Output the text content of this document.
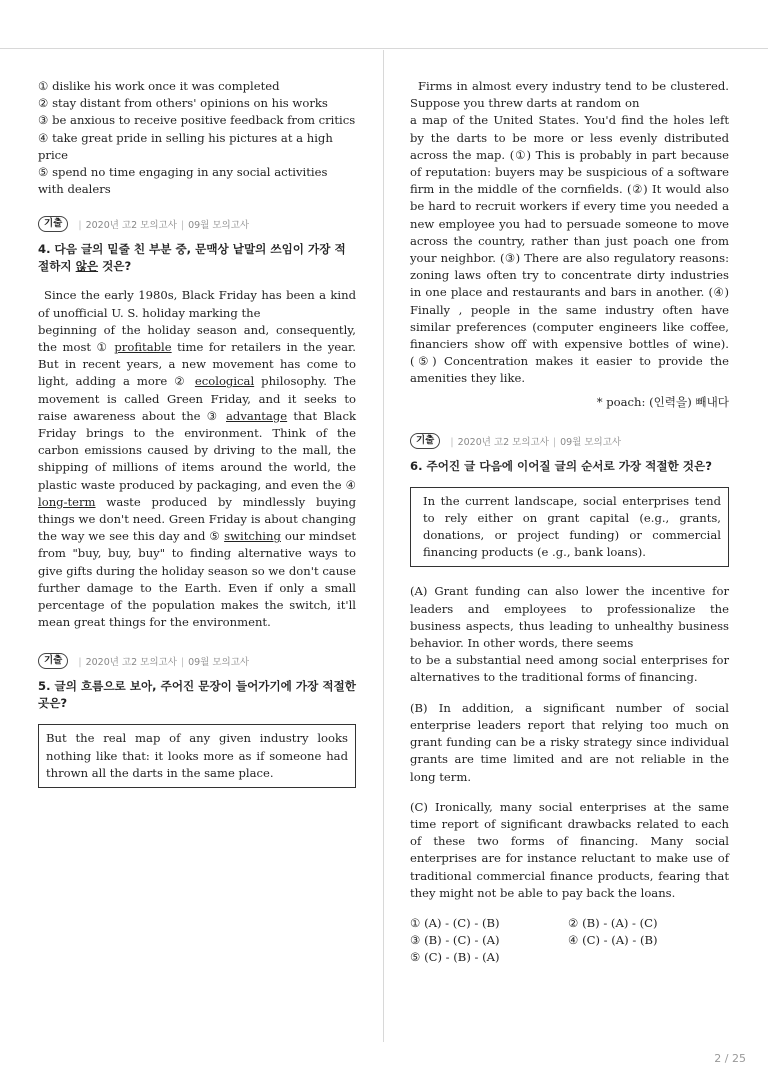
① dislike his work once it was completed
② stay distant from others' opinions on his works
③ be anxious to receive positive feedback from critics
④ take great pride in selling his pictures at a high price
⑤ spend no time engaging in any social activities with dealers
기출	| 2020년 고2 모의고사 | 09월 모의고사
4. 다음 글의 밑줄 친 부분 중, 문맥상 낱말의 쓰임이 가장 적절하지 않은 것은?
Since the early 1980s, Black Friday has been a kind of unofficial U. S. holiday marking the
beginning of the holiday season and, consequently, the most ① profitable time for retailers in the year. But in recent years, a new movement has come to light, adding a more ② ecological philosophy. The movement is called Green Friday, and it seeks to raise awareness about the ③ advantage that Black Friday brings to the environment. Think of the carbon emissions caused by driving to the mall, the shipping of millions of items around the world, the plastic waste produced by packaging, and even the ④ long-term waste produced by mindlessly buying things we don't need. Green Friday is about changing the way we see this day and ⑤ switching our mindset from "buy, buy, buy" to finding alternative ways to give gifts during the holiday season so we don't cause further damage to the Earth. Even if only a small percentage of the population makes the switch, it'll mean great things for the environment.
기출	| 2020년 고2 모의고사 | 09월 모의고사
5. 글의 흐름으로 보아, 주어진 문장이 들어가기에 가장 적절한 곳은?
But the real map of any given industry looks nothing like that: it looks more as if someone had thrown all the darts in the same place.
Firms in almost every industry tend to be clustered. Suppose you threw darts at random on
a map of the United States. You'd find the holes left by the darts to be more or less evenly distributed across the map. (①) This is probably in part because of reputation: buyers may be suspicious of a software firm in the middle of the cornfields. (②) It would also be hard to recruit workers if every time you needed a new employee you had to persuade someone to move across the country, rather than just poach one from your neighbor. (③) There are also regulatory reasons: zoning laws often try to concentrate dirty industries in one place and restaurants and bars in another. (④) Finally , people in the same industry often have similar preferences (computer engineers like coffee, financiers show off with expensive bottles of wine).(⑤) Concentration makes it easier to provide the amenities they like.
* poach: (인력을) 빼내다
기출	| 2020년 고2 모의고사 | 09월 모의고사
6. 주어진 글 다음에 이어질 글의 순서로 가장 적절한 것은?
In the current landscape, social enterprises tend to rely either on grant capital (e.g., grants, donations, or project funding) or commercial financing products (e .g., bank loans).
(A) Grant funding can also lower the incentive for leaders and employees to professionalize the business aspects, thus leading to unhealthy business behavior. In other words, there seems
to be a substantial need among social enterprises for alternatives to the traditional forms of financing.
(B) In addition, a significant number of social enterprise leaders report that relying too much on grant funding can be a risky strategy since individual grants are time limited and are not reliable in the long term.
(C) Ironically, many social enterprises at the same time report of significant drawbacks related to each of these two forms of financing. Many social enterprises are for instance reluctant to make use of traditional commercial finance products, fearing that they might not be able to pay back the loans.
① (A) - (C) - (B)	② (B) - (A) - (C)
③ (B) - (C) - (A)	④ (C) - (A) - (B)
⑤ (C) - (B) - (A)
2 / 25
